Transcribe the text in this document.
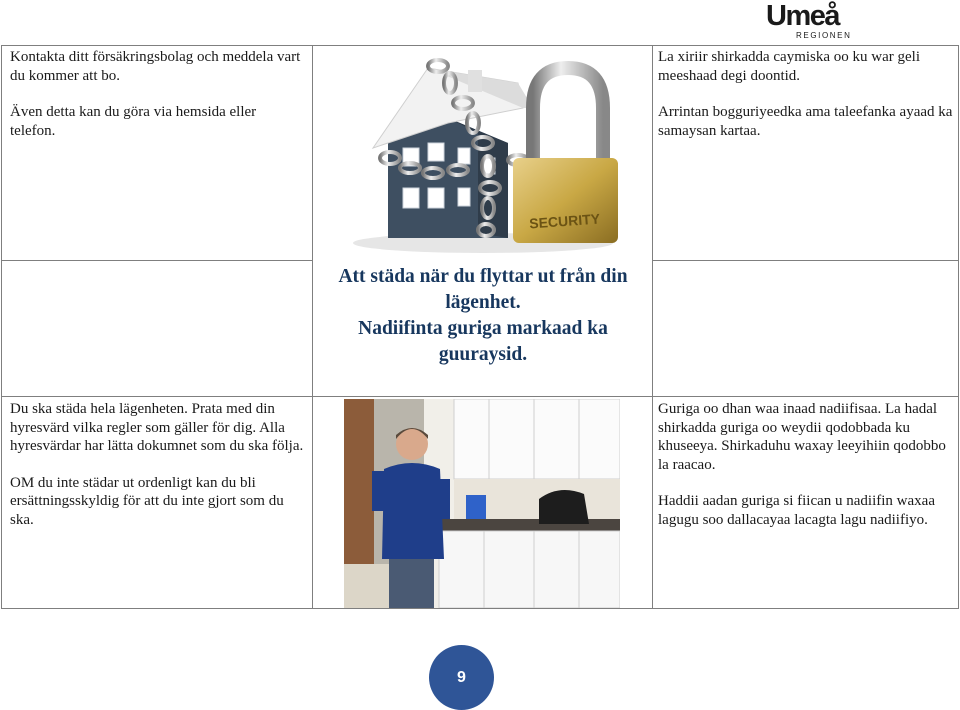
Umeå
REGIONEN

Kontakta ditt försäkringsbolag och meddela vart du kommer att bo.

Även detta kan du göra via hemsida eller telefon.

La xiriir shirkadda caymiska oo ku war geli meeshaad degi doontid.

Arrintan bogguriyeedka ama taleefanka ayaad ka samaysan kartaa.

SECURITY
Att städa när du flyttar ut från din lägenhet.
Nadiifinta guriga markaad ka guuraysid.

Du ska städa hela lägenheten. Prata med din hyresvärd vilka regler som gäller för dig. Alla hyresvärdar har lätta dokumnet som du ska följa.

OM du inte städar ut ordenligt kan du bli ersättningsskyldig för att du inte gjort som du ska.

Guriga oo dhan waa inaad nadiifisaa. La hadal shirkadda guriga oo weydii qodobbada ku khuseeya. Shirkaduhu waxay leeyihiin qodobbo la raacao.

Haddii aadan guriga si fiican u nadiifin waxaa lagugu soo dallacayaa lacagta lagu nadiifiyo.

9
